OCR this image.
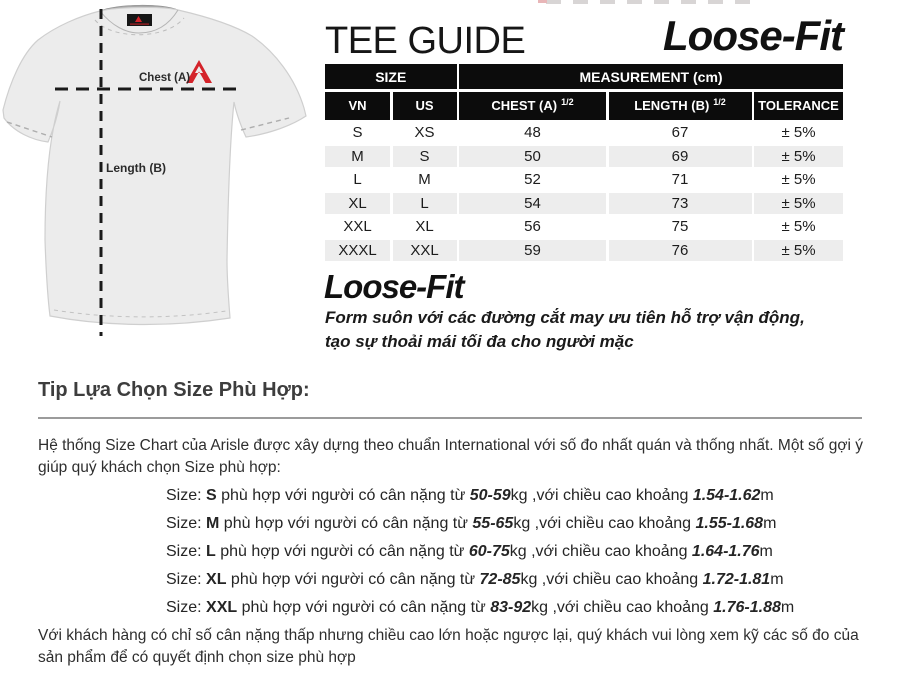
Chest (A)
Length (B)
TEE GUIDE	Loose-Fit
SIZE	MEASUREMENT (cm)
VN	US	CHEST (A) 1/2	LENGTH (B) 1/2	TOLERANCE
S	XS	48	67	± 5%
M	S	50	69	± 5%
L	M	52	71	± 5%
XL	L	54	73	± 5%
XXL	XL	56	75	± 5%
XXXL	XXL	59	76	± 5%
Loose-Fit
Form suôn với các đường cắt may ưu tiên hỗ trợ vận động,
tạo sự thoải mái tối đa cho người mặc
Tip Lựa Chọn Size Phù Hợp:
Hệ thống Size Chart của Arisle được xây dựng theo chuẩn International với số đo nhất quán và thống nhất. Một số gợi ý giúp quý khách chọn Size phù hợp:
Size: S phù hợp với người có cân nặng từ 50-59kg ,với chiều cao khoảng 1.54-1.62m
Size: M phù hợp với người có cân nặng từ 55-65kg ,với chiều cao khoảng 1.55-1.68m
Size: L phù hợp với người có cân nặng từ 60-75kg ,với chiều cao khoảng 1.64-1.76m
Size: XL phù hợp với người có cân nặng từ 72-85kg ,với chiều cao khoảng 1.72-1.81m
Size: XXL phù hợp với người có cân nặng từ 83-92kg ,với chiều cao khoảng 1.76-1.88m
Với khách hàng có chỉ số cân nặng thấp nhưng chiều cao lớn hoặc ngược lại, quý khách vui lòng xem kỹ các số đo của sản phẩm để có quyết định chọn size phù hợp
